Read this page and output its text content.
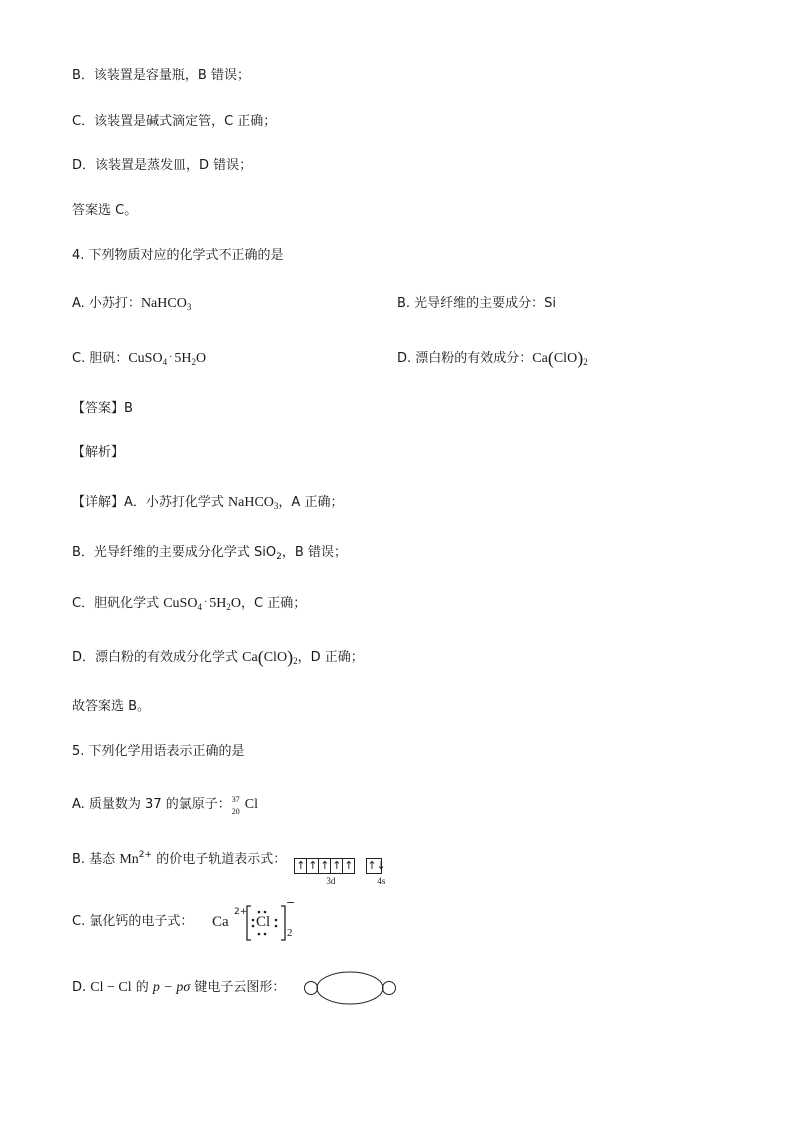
B．该装置是容量瓶，B 错误；
C．该装置是碱式滴定管，C 正确；
D．该装置是蒸发皿，D 错误；
答案选 C。
4. 下列物质对应的化学式不正确的是
A. 小苏打：NaHCO$_3$	B. 光导纤维的主要成分：Si
C. 胆矾：CuSO$_4$ · $5H_2O$	D. 漂白粉的有效成分：$Ca(ClO)_2$
【答案】B
【解析】
【详解】A．小苏打化学式 NaHCO$_3$，A 正确；
B．光导纤维的主要成分化学式 SiO$_2$，B 错误；
C．胆矾化学式 CuSO$_4$ · $5H_2O$，C 正确；
D．漂白粉的有效成分化学式 $Ca(ClO)_2$，D 正确；
故答案选 B。
5. 下列化学用语表示正确的是
A. 质量数为 37 的氯原子： 37
20 Cl
B. 基态 $Mn^{2+}$ 的价电子轨道表示式： ↑ ↑ ↑ ↑ ↑ ↑↓
3d	4s
C. 氯化钙的电子式： Ca
2+
Cl
−
2
D. Cl − Cl 的 p − pσ 键电子云图形：
